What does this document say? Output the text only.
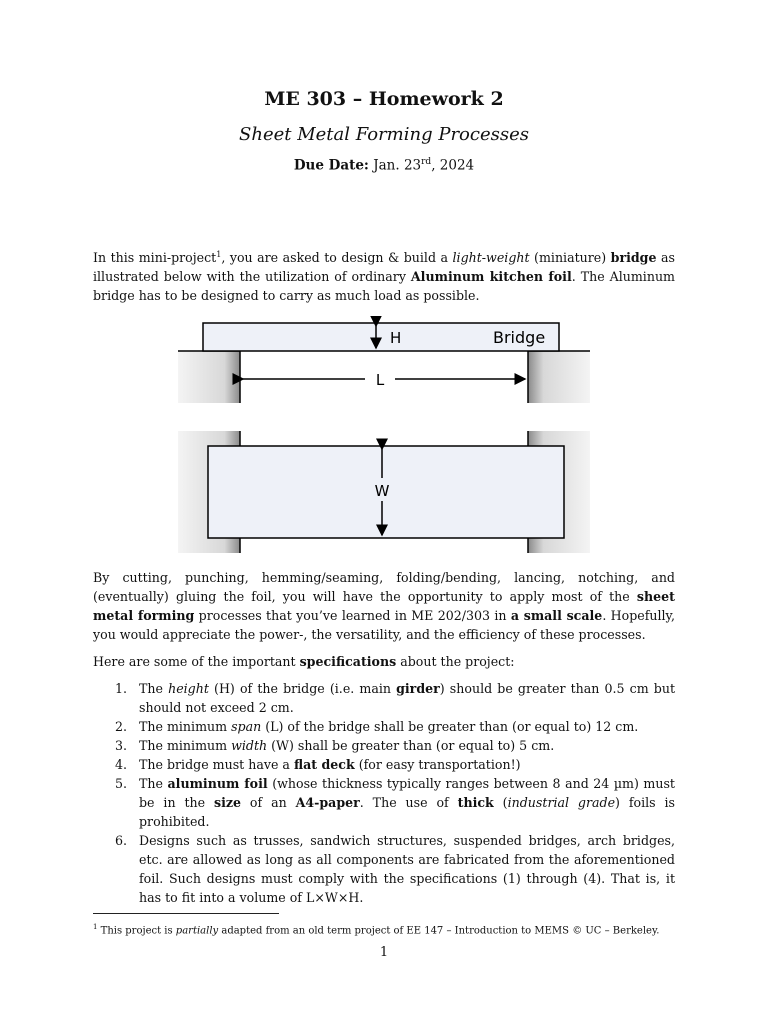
ME 303 – Homework 2
Sheet Metal Forming Processes
Due Date: Jan. 23rd, 2024
In this mini-project$^1$, you are asked to design & build a light-weight (miniature) bridge as illustrated below with the utilization of ordinary Aluminum kitchen foil. The Aluminum bridge has to be designed to carry as much load as possible.
H	Bridge
L
W
By cutting, punching, hemming/seaming, folding/bending, lancing, notching, and (eventually) gluing the foil, you will have the opportunity to apply most of the sheet metal forming processes that you’ve learned in ME 202/303 in a small scale. Hopefully, you would appreciate the power-, the versatility, and the efficiency of these processes.
Here are some of the important specifications about the project:
1. The height (H) of the bridge (i.e. main girder) should be greater than 0.5 cm but should not exceed 2 cm.
2. The minimum span (L) of the bridge shall be greater than (or equal to) 12 cm.
3. The minimum width (W) shall be greater than (or equal to) 5 cm.
4. The bridge must have a flat deck (for easy transportation!)
5. The aluminum foil (whose thickness typically ranges between 8 and 24 µm) must be in the size of an A4-paper. The use of thick (industrial grade) foils is prohibited.
6. Designs such as trusses, sandwich structures, suspended bridges, arch bridges, etc. are allowed as long as all components are fabricated from the aforementioned foil. Such designs must comply with the specifications (1) through (4). That is, it has to fit into a volume of L×W×H.
$^1$ This project is partially adapted from an old term project of EE 147 – Introduction to MEMS © UC – Berkeley.
1
